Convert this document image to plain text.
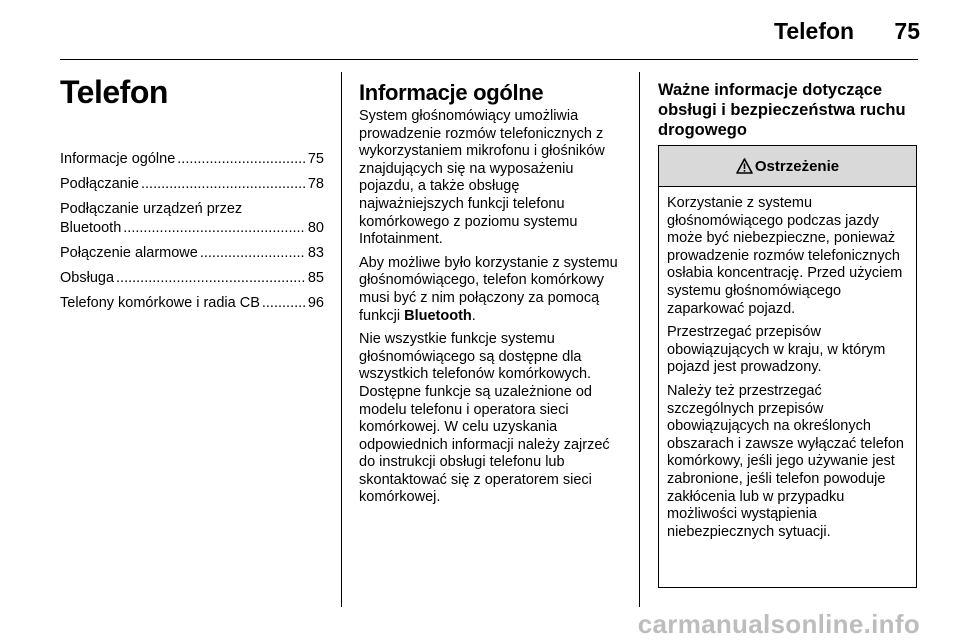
Telefon 75
Telefon
Informacje ogólne .....	75
Podłączanie .....	78
Podłączanie urządzeń przez
Bluetooth .....	80
Połączenie alarmowe .....	83
Obsługa .....	85
Telefony komórkowe i radia CB .....	96
Informacje ogólne

System głośnomówiący umożliwia prowadzenie rozmów telefonicznych z wykorzystaniem mikrofonu i głośników znajdujących się na wyposażeniu pojazdu, a także obsługę najważniejszych funkcji telefonu komórkowego z poziomu systemu Infotainment.

Aby możliwe było korzystanie z systemu głośnomówiącego, telefon komórkowy musi być z nim połączony za pomocą funkcji Bluetooth.

Nie wszystkie funkcje systemu głośnomówiącego są dostępne dla wszystkich telefonów komórkowych. Dostępne funkcje są uzależnione od modelu telefonu i operatora sieci komórkowej. W celu uzyskania odpowiednich informacji należy zajrzeć do instrukcji obsługi telefonu lub skontaktować się z operatorem sieci komórkowej.

Ważne informacje dotyczące obsługi i bezpieczeństwa ruchu drogowego
Ostrzeżenie

Korzystanie z systemu głośnomówiącego podczas jazdy może być niebezpieczne, ponieważ prowadzenie rozmów telefonicznych osłabia koncentrację. Przed użyciem systemu głośnomówiącego zaparkować pojazd.

Przestrzegać przepisów obowiązujących w kraju, w którym pojazd jest prowadzony.

Należy też przestrzegać szczególnych przepisów obowiązujących na określonych obszarach i zawsze wyłączać telefon komórkowy, jeśli jego używanie jest zabronione, jeśli telefon powoduje zakłócenia lub w przypadku możliwości wystąpienia niebezpiecznych sytuacji.

carmanualsonline.info
